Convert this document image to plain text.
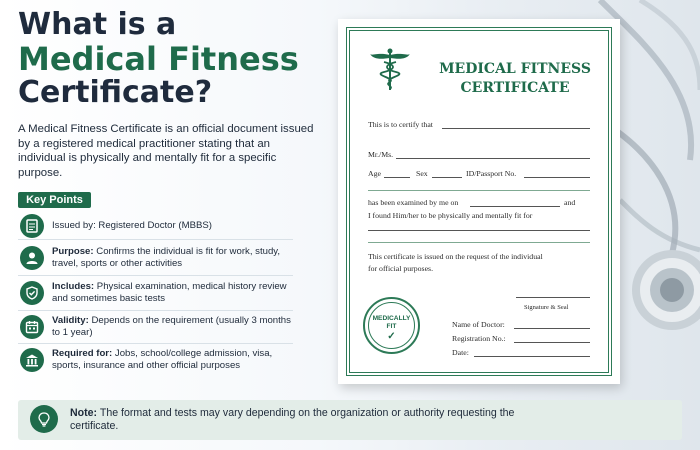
What is a
Medical Fitness
Certificate?
A Medical Fitness Certificate is an official document issued by a registered medical practitioner stating that an individual is physically and mentally fit for a specific purpose.
Key Points
Issued by: Registered Doctor (MBBS)
Purpose: Confirms the individual is fit for work, study, travel, sports or other activities
Includes: Physical examination, medical history review and sometimes basic tests
Validity: Depends on the requirement (usually 3 months to 1 year)
Required for: Jobs, school/college admission, visa, sports, insurance and other official purposes
MEDICAL FITNESS
CERTIFICATE
This is to certify that
Mr./Ms.
Age	Sex	ID/Passport No.
has been examined by me on	and
I found Him/her to be physically and mentally fit for
This certificate is issued on the request of the individual
for official purposes.
Signature & Seal
Name of Doctor:
Registration No.:
Date:
MEDICALLY
FIT
✓
Note: The format and tests may vary depending on the organization or authority requesting the certificate.
